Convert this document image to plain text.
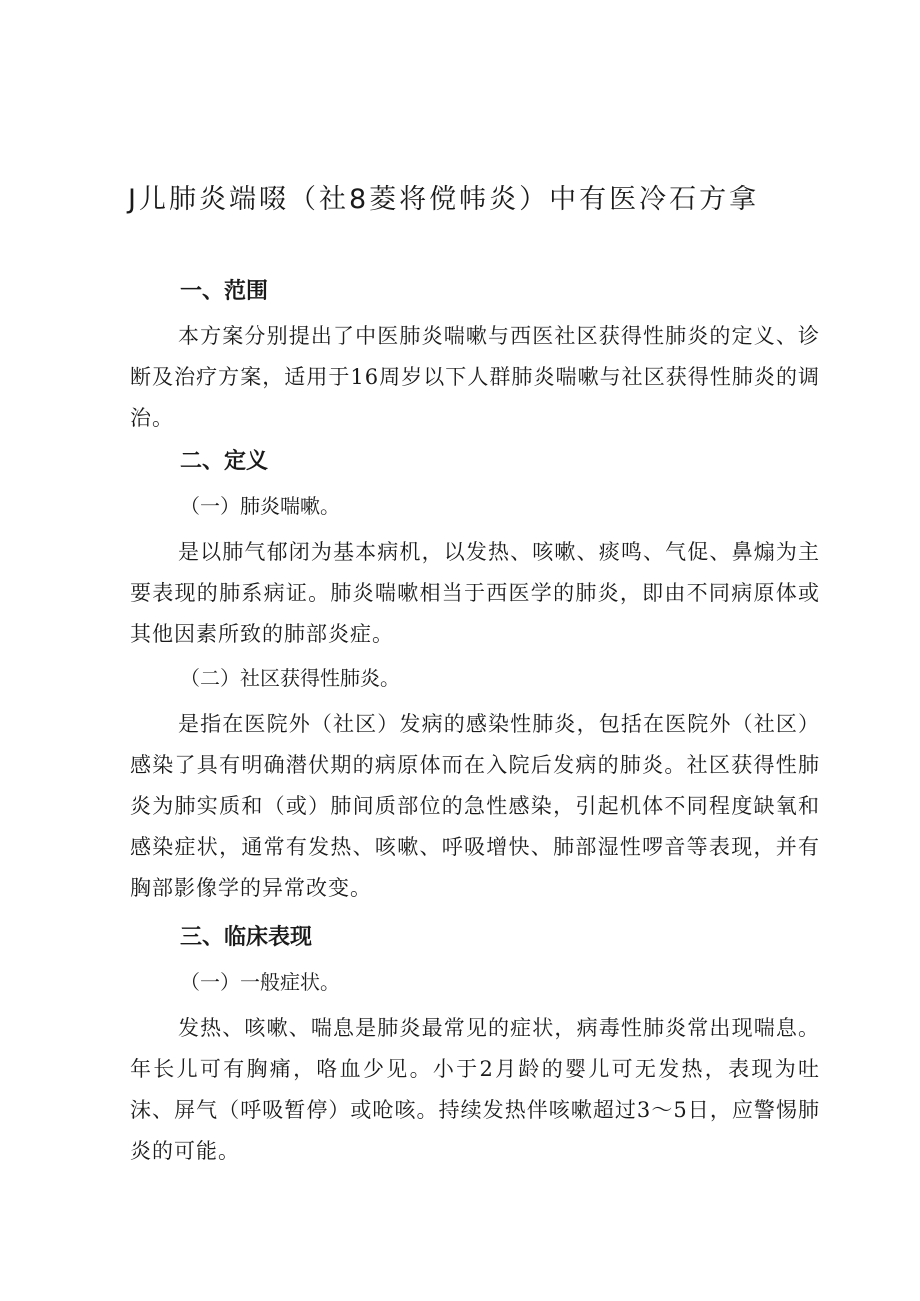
J儿肺炎端啜（社8菱将傥帏炎）中有医冷石方拿
一、范围
本方案分别提出了中医肺炎喘嗽与西医社区获得性肺炎的定义、诊断及治疗方案，适用于16周岁以下人群肺炎喘嗽与社区获得性肺炎的调治。
二、定义
（一）肺炎喘嗽。
是以肺气郁闭为基本病机，以发热、咳嗽、痰鸣、气促、鼻煽为主要表现的肺系病证。肺炎喘嗽相当于西医学的肺炎，即由不同病原体或其他因素所致的肺部炎症。
（二）社区获得性肺炎。
是指在医院外（社区）发病的感染性肺炎，包括在医院外（社区）感染了具有明确潜伏期的病原体而在入院后发病的肺炎。社区获得性肺炎为肺实质和（或）肺间质部位的急性感染，引起机体不同程度缺氧和感染症状，通常有发热、咳嗽、呼吸增快、肺部湿性啰音等表现，并有胸部影像学的异常改变。
三、临床表现
（一）一般症状。
发热、咳嗽、喘息是肺炎最常见的症状，病毒性肺炎常出现喘息。年长儿可有胸痛，咯血少见。小于2月龄的婴儿可无发热，表现为吐沫、屏气（呼吸暂停）或呛咳。持续发热伴咳嗽超过3～5日，应警惕肺炎的可能。
